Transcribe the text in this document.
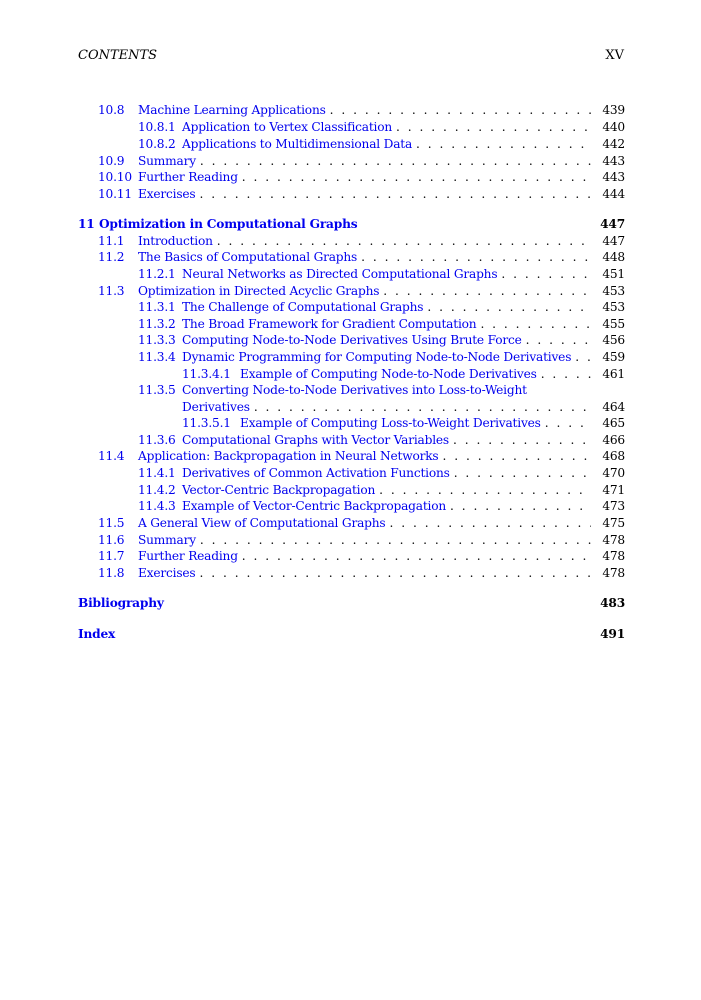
CONTENTS	XV
10.8 Machine Learning Applications . . .	439
10.8.1 Application to Vertex Classification . . .	440
10.8.2 Applications to Multidimensional Data . . .	442
10.9 Summary . . .	443
10.10 Further Reading . . .	443
10.11 Exercises . . .	444
11 Optimization in Computational Graphs	447
11.1 Introduction . . .	447
11.2 The Basics of Computational Graphs . . .	448
11.2.1 Neural Networks as Directed Computational Graphs . . .	451
11.3 Optimization in Directed Acyclic Graphs . . .	453
11.3.1 The Challenge of Computational Graphs . . .	453
11.3.2 The Broad Framework for Gradient Computation . . .	455
11.3.3 Computing Node-to-Node Derivatives Using Brute Force . . .	456
11.3.4 Dynamic Programming for Computing Node-to-Node Derivatives . . .	459
11.3.4.1 Example of Computing Node-to-Node Derivatives . . .	461
11.3.5 Converting Node-to-Node Derivatives into Loss-to-Weight
Derivatives . . .	464
11.3.5.1 Example of Computing Loss-to-Weight Derivatives . . .	465
11.3.6 Computational Graphs with Vector Variables . . .	466
11.4 Application: Backpropagation in Neural Networks . . .	468
11.4.1 Derivatives of Common Activation Functions . . .	470
11.4.2 Vector-Centric Backpropagation . . .	471
11.4.3 Example of Vector-Centric Backpropagation . . .	473
11.5 A General View of Computational Graphs . . .	475
11.6 Summary . . .	478
11.7 Further Reading . . .	478
11.8 Exercises . . .	478
Bibliography	483
Index	491
